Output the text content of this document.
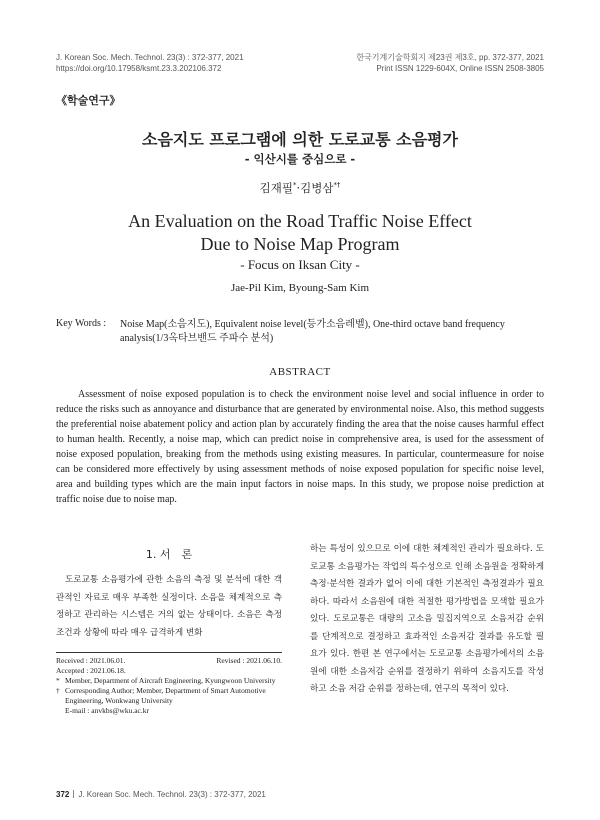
J. Korean Soc. Mech. Technol. 23(3) : 372-377, 2021
https://doi.org/10.17958/ksmt.23.3.202106.372
한국기계기술학회지 제23권 제3호, pp. 372-377, 2021
Print ISSN 1229-604X, Online ISSN 2508-3805
《학술연구》
소음지도 프로그램에 의한 도로교통 소음평가
- 익산시를 중심으로 -
김재필*·김병삼*†
An Evaluation on the Road Traffic Noise Effect
Due to Noise Map Program
- Focus on Iksan City -
Jae-Pil Kim, Byoung-Sam Kim
Key Words : Noise Map(소음지도), Equivalent noise level(등가소음레벨), One-third octave band frequency analysis(1/3옥타브밴드 주파수 분석)
ABSTRACT
Assessment of noise exposed population is to check the environment noise level and social influence in order to reduce the risks such as annoyance and disturbance that are generated by environmental noise. Also, this method suggests the preferential noise abatement policy and action plan by accurately finding the area that the noise causes harmful effect to human health. Recently, a noise map, which can predict noise in comprehensive area, is used for the assessment of noise exposed population, breaking from the methods using existing measures. In particular, countermeasure for noise can be considered more effectively by using assessment methods of noise exposed population for specific noise level, area and building types which are the main input factors in noise maps. In this study, we propose noise prediction at traffic noise due to noise map.
1. 서　론
도로교통 소음평가에 관한 소음의 측정 및 분석에 대한 객관적인 자료로 매우 부족한 실정이다. 소음을 체계적으로 측정하고 관리하는 시스템은 거의 없는 상태이다. 소음은 측정조건과 상황에 따라 매우 급격하게 변화
하는 특성이 있으므로 이에 대한 체계적인 관리가 필요하다. 도로교통 소음평가는 작업의 특수성으로 인해 소음원을 정확하게 측정·분석한 결과가 없어 이에 대한 기본적인 측정결과가 필요하다. 따라서 소음원에 대한 적절한 평가방법을 모색할 필요가 있다. 도로교통은 대량의 고소음 밀집지역으로 소음저감 순위를 단계적으로 결정하고 효과적인 소음저감 결과를 유도할 필요가 있다. 한편 본 연구에서는 도로교통 소음평가에서의 소음원에 대한 소음저감 순위를 결정하기 위하여 소음지도를 작성하고 소음 저감 순위를 정하는데, 연구의 목적이 있다.
Received : 2021.06.01.	Revised : 2021.06.10.
Accepted : 2021.06.18.
* Member, Department of Aircraft Engineering, Kyungwoon University
† Corresponding Author; Member, Department of Smart Automotive Engineering, Wonkwang University
E-mail : anvkbs@wku.ac.kr
372 J. Korean Soc. Mech. Technol. 23(3) : 372-377, 2021
